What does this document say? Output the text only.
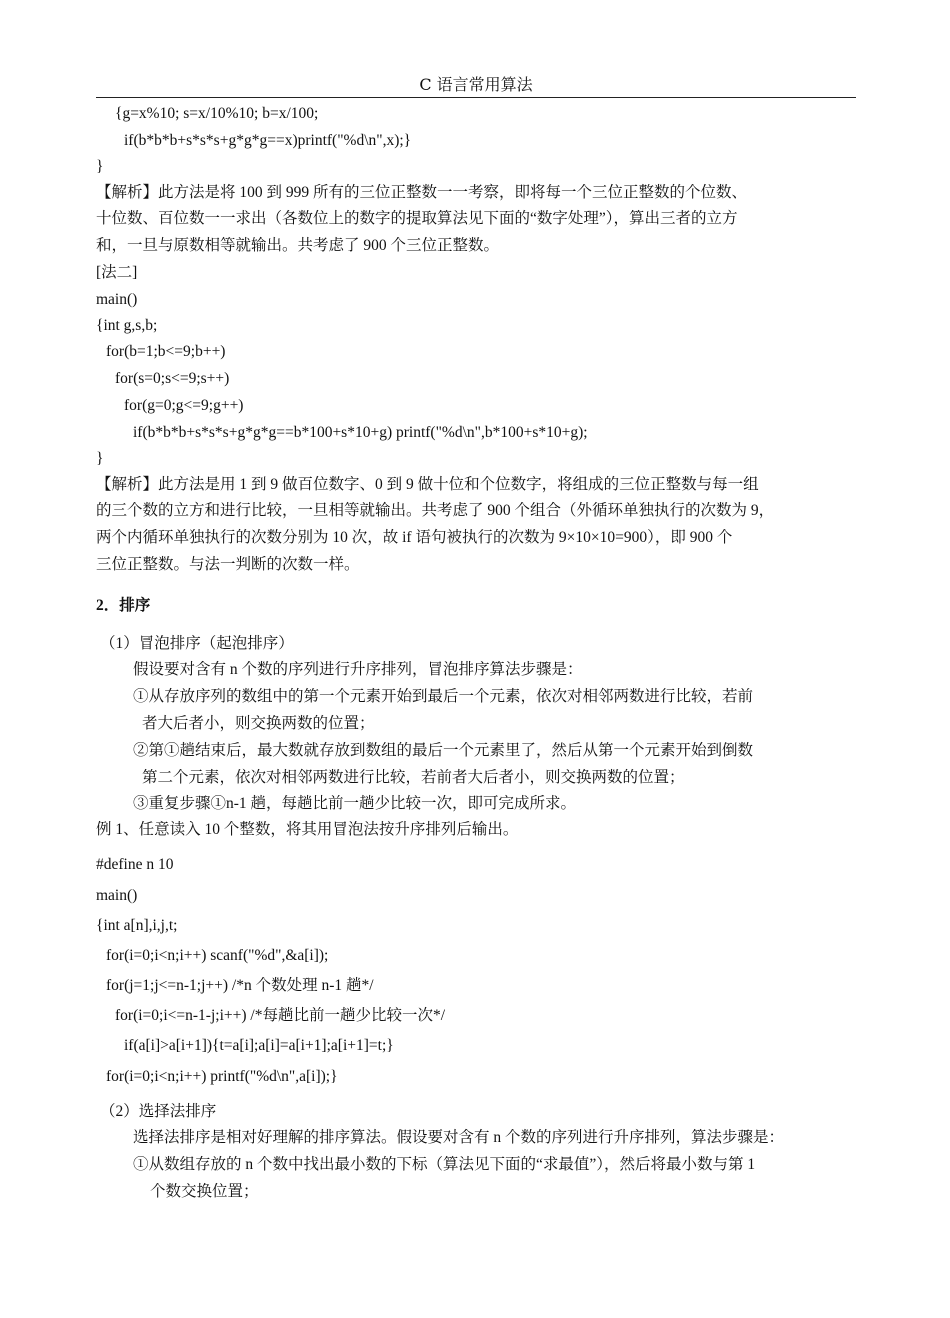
C 语言常用算法
{g=x%10; s=x/10%10; b=x/100;
if(b*b*b+s*s*s+g*g*g==x)printf("%d\n",x);}
}
【解析】此方法是将 100 到 999 所有的三位正整数一一考察，即将每一个三位正整数的个位数、
十位数、百位数一一求出（各数位上的数字的提取算法见下面的“数字处理”），算出三者的立方
和，一旦与原数相等就输出。共考虑了 900 个三位正整数。
[法二]
main()
{int g,s,b;
for(b=1;b<=9;b++)
for(s=0;s<=9;s++)
for(g=0;g<=9;g++)
if(b*b*b+s*s*s+g*g*g==b*100+s*10+g) printf("%d\n",b*100+s*10+g);
}
【解析】此方法是用 1 到 9 做百位数字、0 到 9 做十位和个位数字，将组成的三位正整数与每一组
的三个数的立方和进行比较，一旦相等就输出。共考虑了 900 个组合（外循环单独执行的次数为 9，
两个内循环单独执行的次数分别为 10 次，故 if 语句被执行的次数为 9×10×10=900），即 900 个
三位正整数。与法一判断的次数一样。
2．排序
（1）冒泡排序（起泡排序）
假设要对含有 n 个数的序列进行升序排列，冒泡排序算法步骤是：
①从存放序列的数组中的第一个元素开始到最后一个元素，依次对相邻两数进行比较，若前
者大后者小，则交换两数的位置；
②第①趟结束后，最大数就存放到数组的最后一个元素里了，然后从第一个元素开始到倒数
第二个元素，依次对相邻两数进行比较，若前者大后者小，则交换两数的位置；
③重复步骤①n-1 趟，每趟比前一趟少比较一次，即可完成所求。
例 1、任意读入 10 个整数，将其用冒泡法按升序排列后输出。
#define n 10
main()
{int a[n],i,j,t;
for(i=0;i<n;i++) scanf("%d",&a[i]);
for(j=1;j<=n-1;j++) /*n 个数处理 n-1 趟*/
for(i=0;i<=n-1-j;i++) /*每趟比前一趟少比较一次*/
if(a[i]>a[i+1]){t=a[i];a[i]=a[i+1];a[i+1]=t;}
for(i=0;i<n;i++) printf("%d\n",a[i]);}
（2）选择法排序
选择法排序是相对好理解的排序算法。假设要对含有 n 个数的序列进行升序排列，算法步骤是：
①从数组存放的 n 个数中找出最小数的下标（算法见下面的“求最值”），然后将最小数与第 1
个数交换位置；
